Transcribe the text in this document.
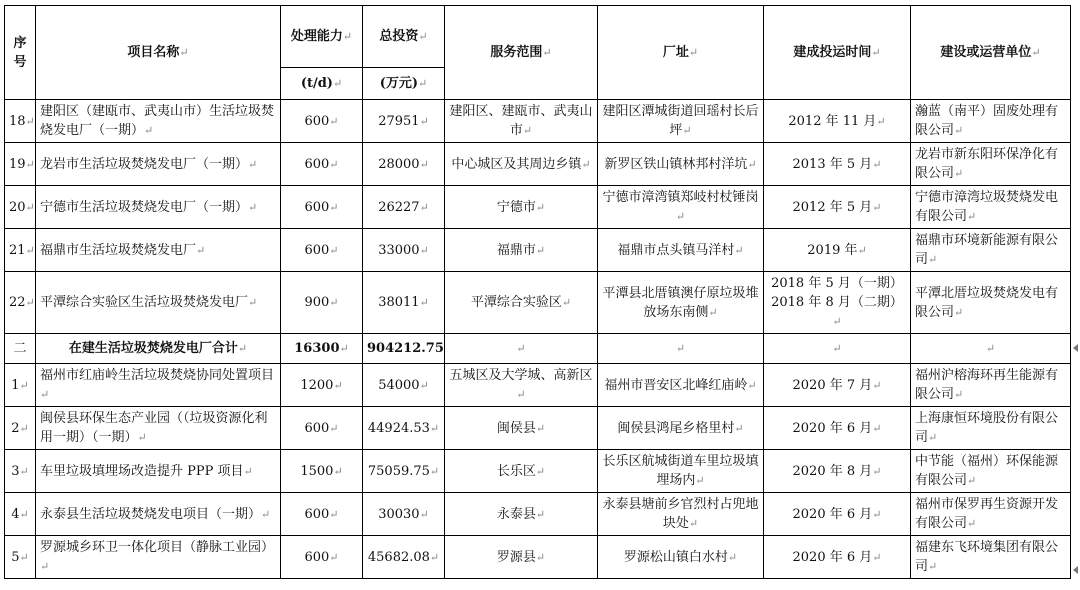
序号	项目名称 ↵	处理能力 ↵	总投资 ↵	服务范围 ↵	厂址 ↵	建成投运时间 ↵	建设或运营单位 ↵
		(t/d) ↵	(万元) ↵
18 ↵	建阳区（建瓯市、武夷山市）生活垃圾焚烧发电厂（一期） ↵	600 ↵	27951 ↵	建阳区、建瓯市、武夷山市 ↵	建阳区潭城街道回瑶村长后坪 ↵	2012 年 11 月 ↵	瀚蓝（南平）固废处理有限公司 ↵
19 ↵	龙岩市生活垃圾焚烧发电厂（一期） ↵	600 ↵	28000 ↵	中心城区及其周边乡镇 ↵	新罗区铁山镇林邦村洋坑 ↵	2013 年 5 月 ↵	龙岩市新东阳环保净化有限公司 ↵
20 ↵	宁德市生活垃圾焚烧发电厂（一期） ↵	600 ↵	26227 ↵	宁德市 ↵	宁德市漳湾镇郑岐村杖锤岗 ↵	2012 年 5 月 ↵	宁德市漳湾垃圾焚烧发电有限公司 ↵
21 ↵	福鼎市生活垃圾焚烧发电厂 ↵	600 ↵	33000 ↵	福鼎市 ↵	福鼎市点头镇马洋村 ↵	2019 年 ↵	福鼎市环境新能源有限公司 ↵
22 ↵	平潭综合实验区生活垃圾焚烧发电厂 ↵	900 ↵	38011 ↵	平潭综合实验区 ↵	平潭县北厝镇澳仔原垃圾堆放场东南侧 ↵	2018 年 5 月（一期）
2018 年 8 月（二期） ↵	平潭北厝垃圾焚烧发电有限公司 ↵
二	在建生活垃圾焚烧发电厂合计 ↵	16300 ↵	904212.75 ↵	↵	↵	↵	↵
1 ↵	福州市红庙岭生活垃圾焚烧协同处置项目 ↵	1200 ↵	54000 ↵	五城区及大学城、高新区 ↵	福州市晋安区北峰红庙岭 ↵	2020 年 7 月 ↵	福州沪榕海环再生能源有限公司 ↵
2 ↵	闽侯县环保生态产业园（（垃圾资源化利用一期）（一期） ↵	600 ↵	44924.53 ↵	闽侯县 ↵	闽侯县鸿尾乡格里村 ↵	2020 年 6 月 ↵	上海康恒环境股份有限公司 ↵
3 ↵	车里垃圾填埋场改造提升 PPP 项目 ↵	1500 ↵	75059.75 ↵	长乐区 ↵	长乐区航城街道车里垃圾填埋场内 ↵	2020 年 8 月 ↵	中节能（福州）环保能源有限公司 ↵
4 ↵	永泰县生活垃圾焚烧发电项目（一期） ↵	600 ↵	30030 ↵	永泰县 ↵	永泰县塘前乡官烈村占兜地块处 ↵	2020 年 6 月 ↵	福州市保罗再生资源开发有限公司 ↵
5 ↵	罗源城乡环卫一体化项目（静脉工业园） ↵	600 ↵	45682.08 ↵	罗源县 ↵	罗源松山镇白水村 ↵	2020 年 6 月 ↵	福建东飞环境集团有限公司 ↵
